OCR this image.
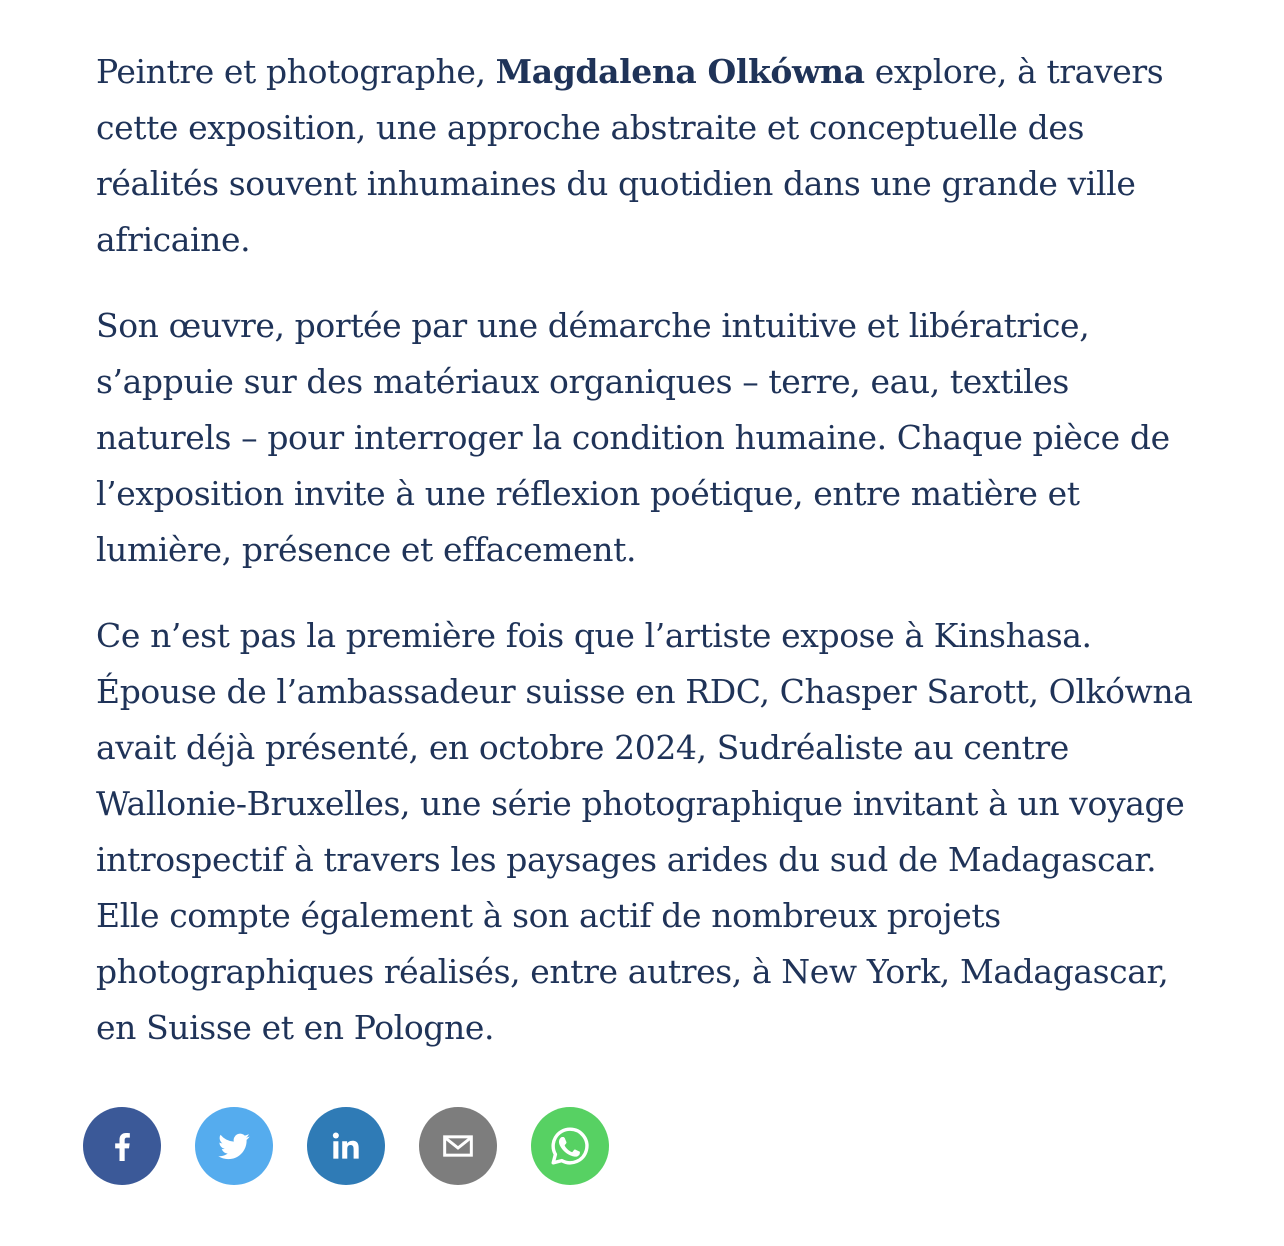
Peintre et photographe, Magdalena Olkówna explore, à travers cette exposition, une approche abstraite et conceptuelle des réalités souvent inhumaines du quotidien dans une grande ville africaine.

Son œuvre, portée par une démarche intuitive et libératrice, s’appuie sur des matériaux organiques – terre, eau, textiles naturels – pour interroger la condition humaine. Chaque pièce de l’exposition invite à une réflexion poétique, entre matière et lumière, présence et effacement.

Ce n’est pas la première fois que l’artiste expose à Kinshasa. Épouse de l’ambassadeur suisse en RDC, Chasper Sarott, Olkówna avait déjà présenté, en octobre 2024, Sudréaliste au centre Wallonie-Bruxelles, une série photographique invitant à un voyage introspectif à travers les paysages arides du sud de Madagascar. Elle compte également à son actif de nombreux projets photographiques réalisés, entre autres, à New York, Madagascar, en Suisse et en Pologne.
